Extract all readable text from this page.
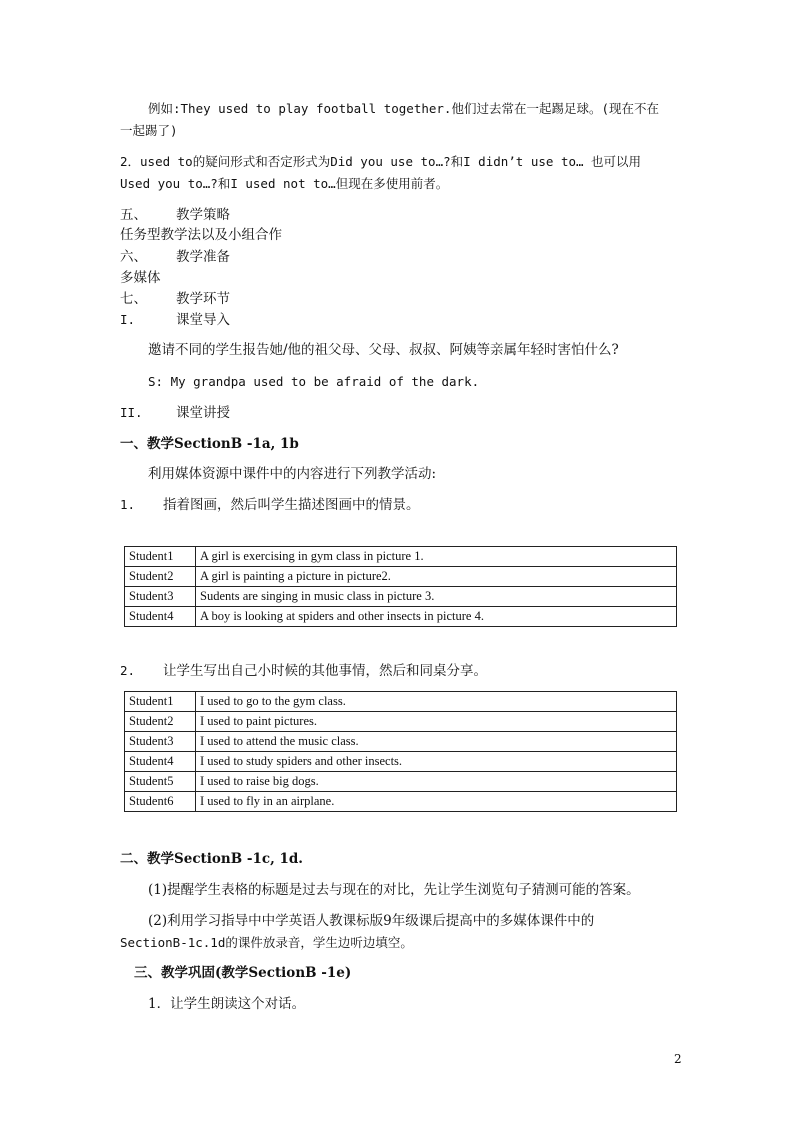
例如:They used to play football together.他们过去常在一起踢足球。(现在不在
一起踢了)
2．used to的疑问形式和否定形式为Did you use to…?和I didn’t use to… 也可以用
Used you to…?和I used not to…但现在多使用前者。
五、 教学策略
任务型教学法以及小组合作
六、 教学准备
多媒体
七、 教学环节
I.	课堂导入
邀请不同的学生报告她/他的祖父母、父母、叔叔、阿姨等亲属年轻时害怕什么?
S: My grandpa used to be afraid of the dark.
II. 课堂讲授
一、教学SectionB -1a, 1b
利用媒体资源中课件中的内容进行下列教学活动:
1. 指着图画，然后叫学生描述图画中的情景。
Student1	A girl is exercising in gym class in picture 1.
Student2	A girl is painting a picture in picture2.
Student3	Sudents are singing in music class in picture 3.
Student4	A boy is looking at spiders and other insects in picture 4.
2. 让学生写出自己小时候的其他事情，然后和同桌分享。
Student1	I used to go to the gym class.
Student2	I used to paint pictures.
Student3	I used to attend the music class.
Student4	I used to study spiders and other insects.
Student5	I used to raise big dogs.
Student6	I used to fly in an airplane.
二、教学SectionB -1c, 1d.
(1)提醒学生表格的标题是过去与现在的对比，先让学生浏览句子猜测可能的答案。
(2)利用学习指导中中学英语人教课标版9年级课后提高中的多媒体课件中的
SectionB-1c.1d的课件放录音，学生边听边填空。
三、教学巩固(教学SectionB -1e)
1．让学生朗读这个对话。
2
